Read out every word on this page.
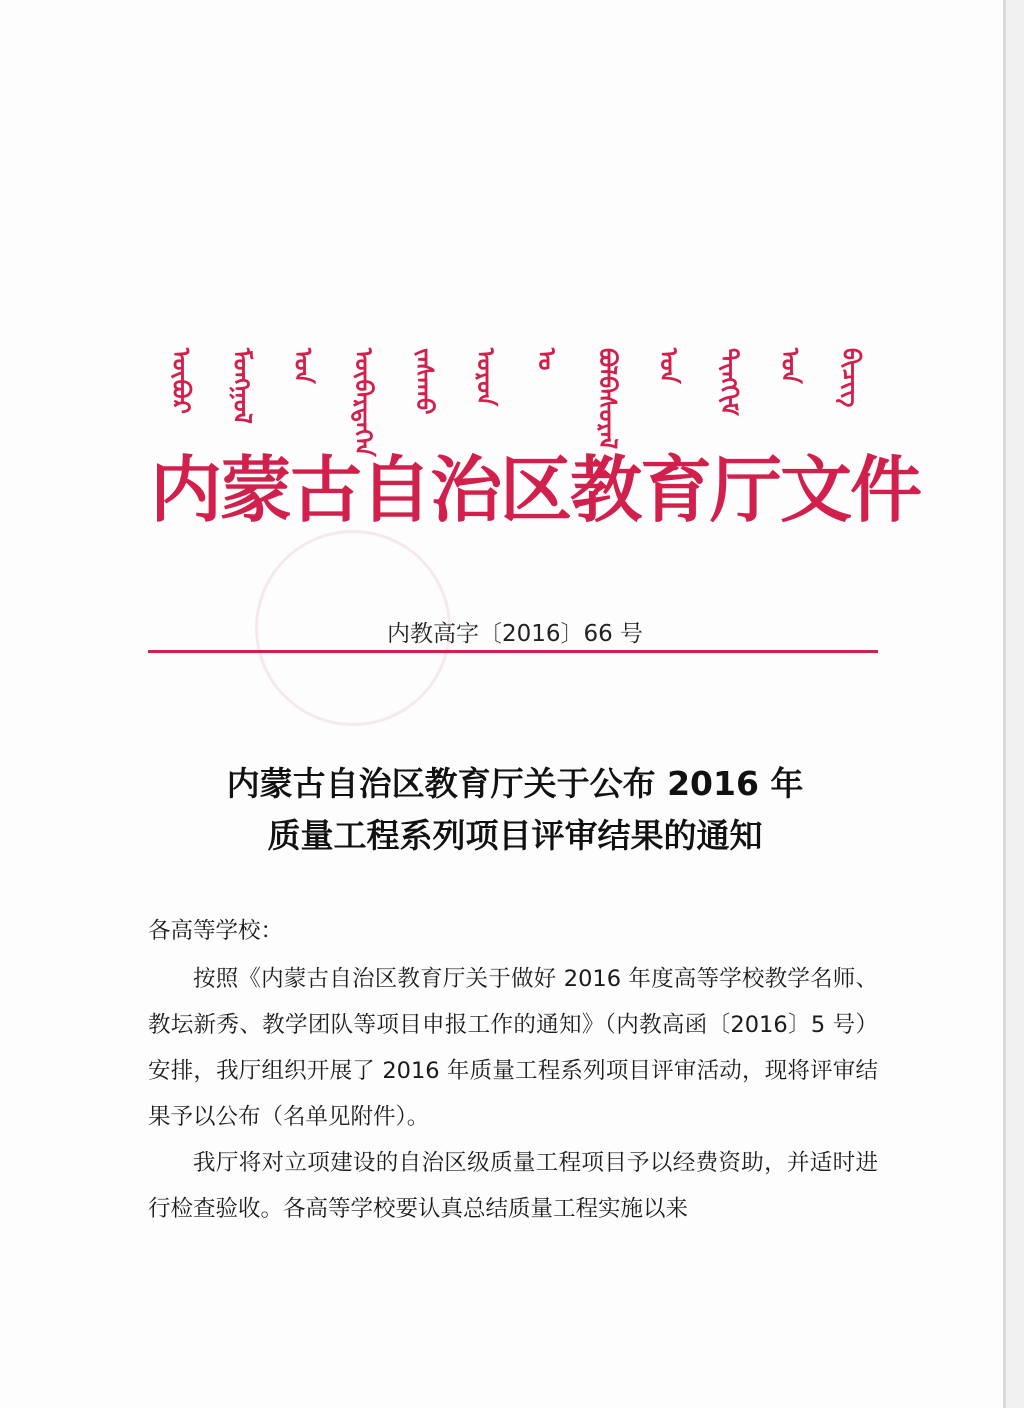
ᠥᠪᠥᠷ ᠮᠣᠩᠭᠣᠯ ᠤᠨ ᠥᠪᠡᠷᠲᠡᠭᠡᠨ ᠵᠠᠰᠠᠬᠤ ᠣᠷᠣᠨ ᠤ ᠪᠣᠯᠪᠠᠰᠤᠷᠠᠯ ᠤᠨ ᠲᠢᠩᠬᠢᠮ ᠤᠨ ᠪᠢᠴᠢᠭ
内蒙古自治区教育厅文件
内教高字〔2016〕66 号
内蒙古自治区教育厅关于公布 2016 年
质量工程系列项目评审结果的通知

各高等学校：

按照《内蒙古自治区教育厅关于做好 2016 年度高等学校教学名师、教坛新秀、教学团队等项目申报工作的通知》（内教高函〔2016〕5 号）安排，我厅组织开展了 2016 年质量工程系列项目评审活动，现将评审结果予以公布（名单见附件）。

我厅将对立项建设的自治区级质量工程项目予以经费资助，并适时进行检查验收。各高等学校要认真总结质量工程实施以来
